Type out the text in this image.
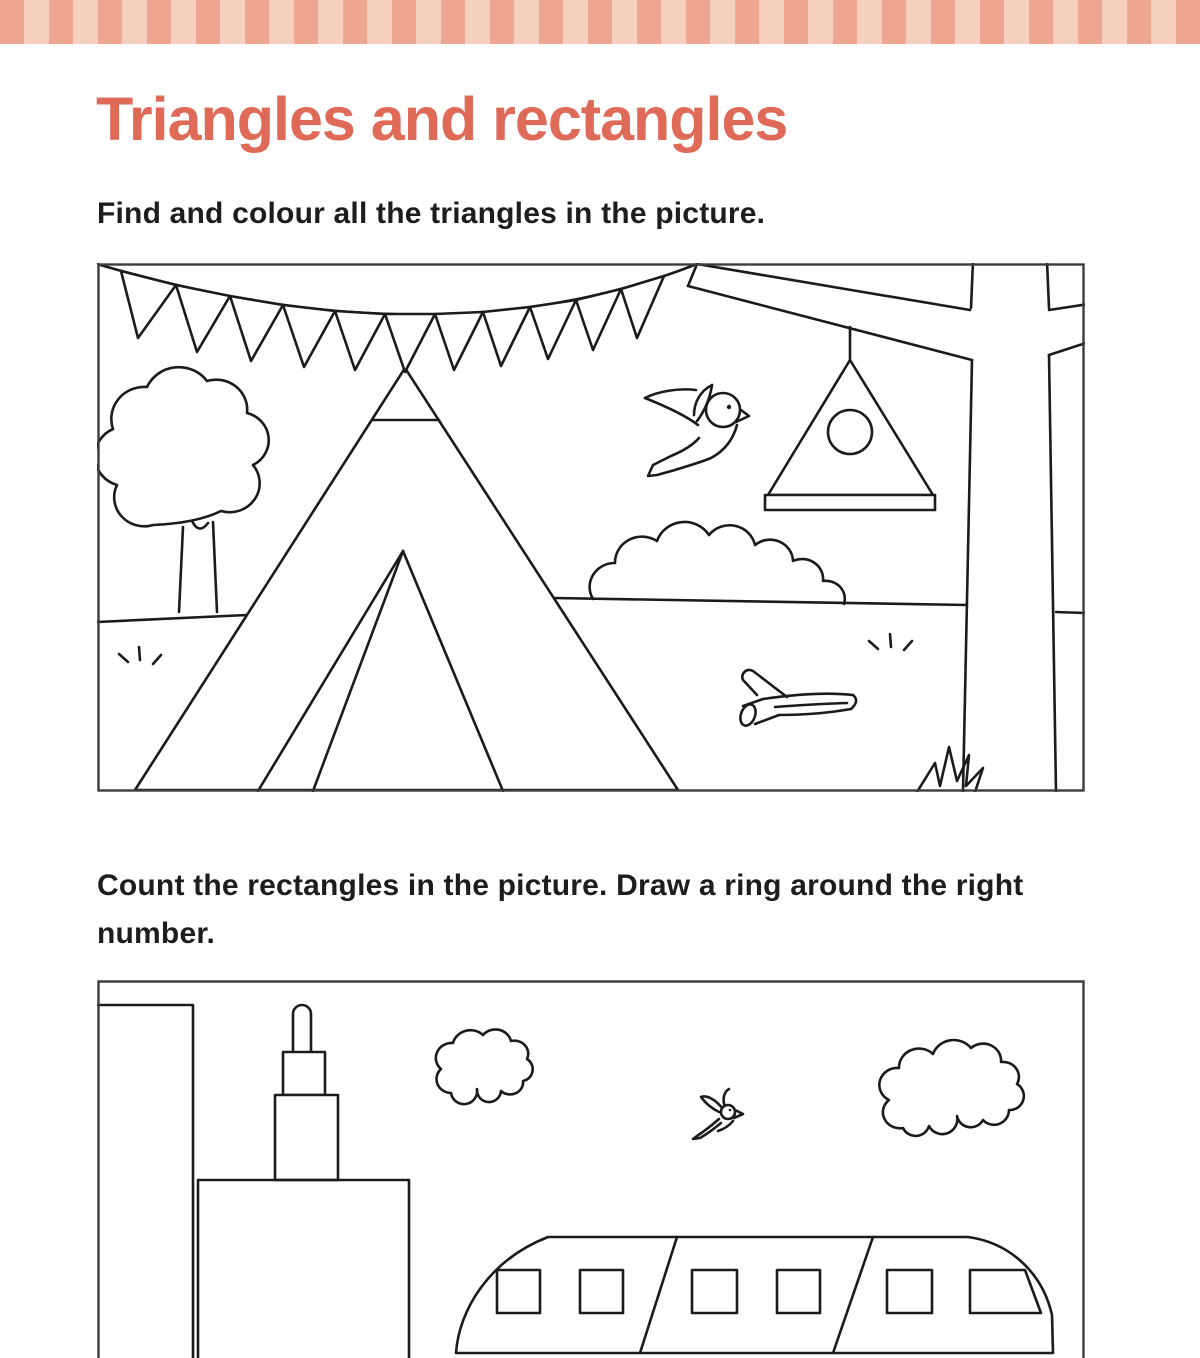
Triangles and rectangles

Find and colour all the triangles in the picture.

Count the rectangles in the picture. Draw a ring around the right number.
